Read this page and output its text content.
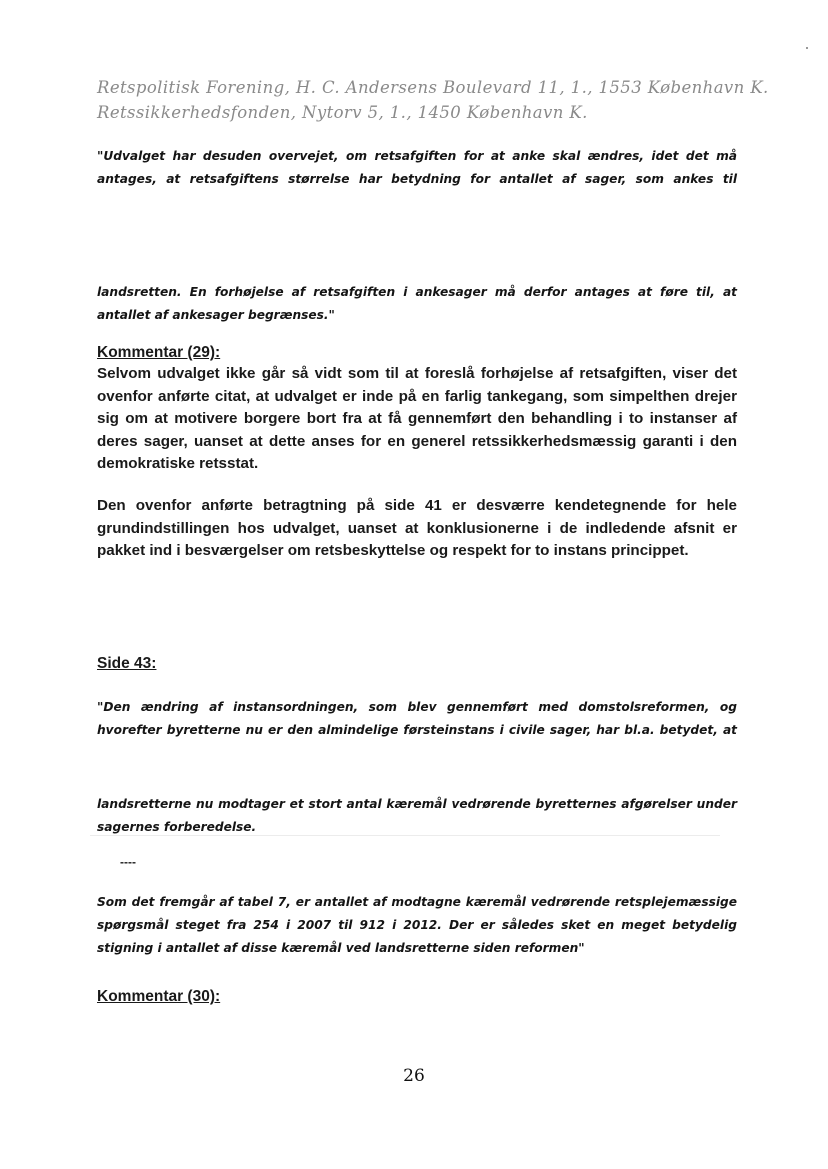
Retspolitisk Forening, H. C. Andersens Boulevard 11, 1., 1553 København K.
Retssikkerhedsfonden, Nytorv 5, 1., 1450 København K.
"Udvalget har desuden overvejet, om retsafgiften for at anke skal ændres, idet det må antages, at retsafgiftens størrelse har betydning for antallet af sager, som ankes til
landsretten. En forhøjelse af retsafgiften i ankesager må derfor antages at føre til, at antallet af ankesager begrænses."
Kommentar (29):
Selvom udvalget ikke går så vidt som til at foreslå forhøjelse af retsafgiften, viser det ovenfor anførte citat, at udvalget er inde på en farlig tankegang, som simpelthen drejer sig om at motivere borgere bort fra at få gennemført den behandling i to instanser af deres sager, uanset at dette anses for en generel retssikkerhedsmæssig garanti i den demokratiske retsstat.
Den ovenfor anførte betragtning på side 41 er desværre kendetegnende for hele grundindstillingen hos udvalget, uanset at konklusionerne i de indledende afsnit er pakket ind i besværgelser om retsbeskyttelse og respekt for to instans princippet.
Side 43:
"Den ændring af instansordningen, som blev gennemført med domstolsreformen, og hvorefter byretterne nu er den almindelige førsteinstans i civile sager, har bl.a. betydet, at
landsretterne nu modtager et stort antal kæremål vedrørende byretternes afgørelser under sagernes forberedelse.
----
Som det fremgår af tabel 7, er antallet af modtagne kæremål vedrørende retsplejemæssige spørgsmål steget fra 254 i 2007 til 912 i 2012. Der er således sket en meget betydelig stigning i antallet af disse kæremål ved landsretterne siden reformen"
Kommentar (30):
26
